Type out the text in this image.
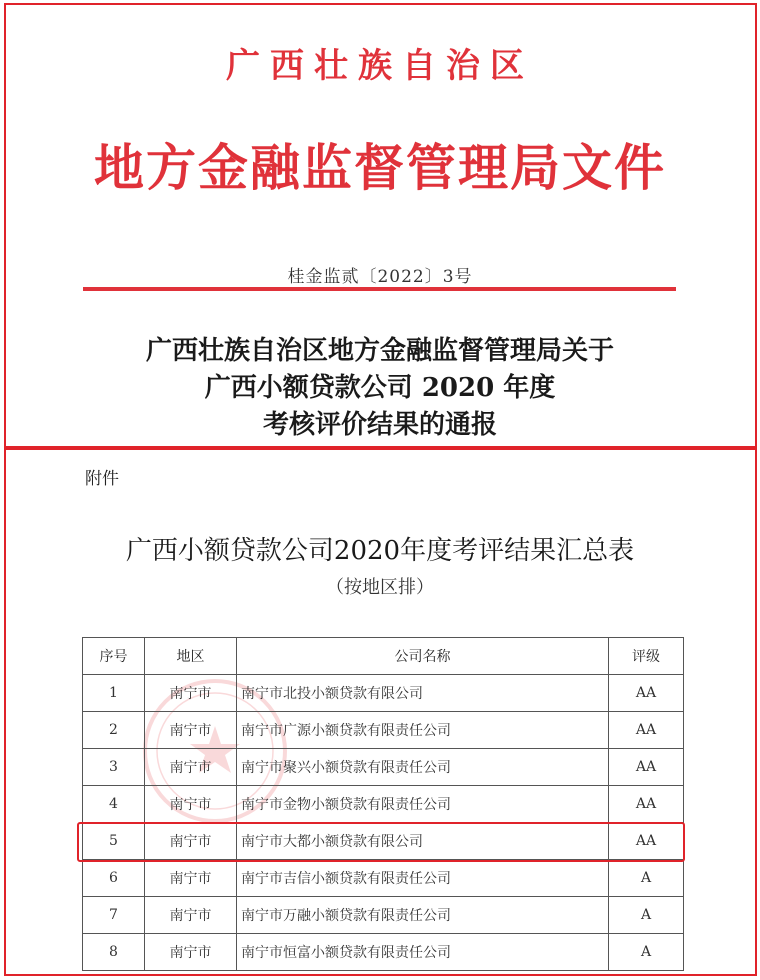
广西壮族自治区
地方金融监督管理局文件
桂金监贰〔2022〕3号
广西壮族自治区地方金融监督管理局关于
广西小额贷款公司 2020 年度
考核评价结果的通报
附件
广西小额贷款公司2020年度考评结果汇总表
（按地区排）
序号	地区	公司名称	评级
1	南宁市	南宁市北投小额贷款有限公司	AA
2	南宁市	南宁市广源小额贷款有限责任公司	AA
3	南宁市	南宁市聚兴小额贷款有限责任公司	AA
4	南宁市	南宁市金物小额贷款有限责任公司	AA
5	南宁市	南宁市大都小额贷款有限公司	AA
6	南宁市	南宁市吉信小额贷款有限责任公司	A
7	南宁市	南宁市万融小额贷款有限责任公司	A
8	南宁市	南宁市恒富小额贷款有限责任公司	A
